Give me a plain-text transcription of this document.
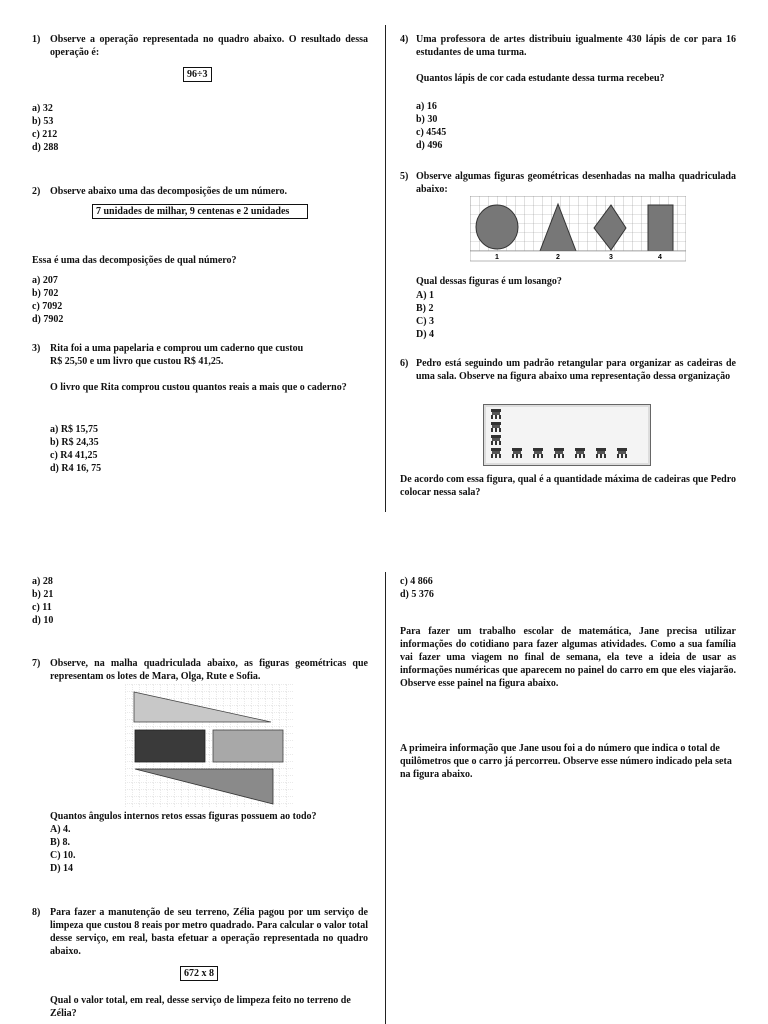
1) Observe a operação representada no quadro abaixo. O resultado dessa operação é:
96÷3
a) 32
b) 53
c) 212
d) 288
2) Observe abaixo uma das decomposições de um número.
7 unidades de milhar, 9 centenas e 2 unidades
Essa é uma das decomposições de qual número?
a) 207
b) 702
c) 7092
d) 7902
3) Rita foi a uma papelaria e comprou um caderno que custou
R$ 25,50 e um livro que custou R$ 41,25.
O livro que Rita comprou custou quantos reais a mais que o caderno?
a) R$ 15,75
b) R$ 24,35
c) R4 41,25
d) R4 16, 75
4) Uma professora de artes distribuiu igualmente 430 lápis de cor para 16 estudantes de uma turma.
Quantos lápis de cor cada estudante dessa turma recebeu?
a) 16
b) 30
c) 4545
d) 496
5) Observe algumas figuras geométricas desenhadas na malha quadriculada abaixo:
1	2	3	4
Qual dessas figuras é um losango?
A) 1
B) 2
C) 3
D) 4
6) Pedro está seguindo um padrão retangular para organizar as cadeiras de uma sala. Observe na figura abaixo uma representação dessa organização
De acordo com essa figura, qual é a quantidade máxima de cadeiras que Pedro colocar nessa sala?
a) 28
b) 21
c) 11
d) 10
7) Observe, na malha quadriculada abaixo, as figuras geométricas que representam os lotes de Mara, Olga, Rute e Sofia.
Quantos ângulos internos retos essas figuras possuem ao todo?
A) 4.
B) 8.
C) 10.
D) 14
8) Para fazer a manutenção de seu terreno, Zélia pagou por um serviço de limpeza que custou 8 reais por metro quadrado. Para calcular o valor total desse serviço, em real, basta efetuar a operação representada no quadro abaixo.
672 x 8
Qual o valor total, em real, desse serviço de limpeza feito no terreno de Zélia?
c) 4 866
d) 5 376
Para fazer um trabalho escolar de matemática, Jane precisa utilizar informações do cotidiano para fazer algumas atividades. Como a sua família vai fazer uma viagem no final de semana, ela teve a ideia de usar as informações numéricas que aparecem no painel do carro em que eles viajarão. Observe esse painel na figura abaixo.
A primeira informação que Jane usou foi a do número que indica o total de quilômetros que o carro já percorreu. Observe esse número indicado pela seta na figura abaixo.
